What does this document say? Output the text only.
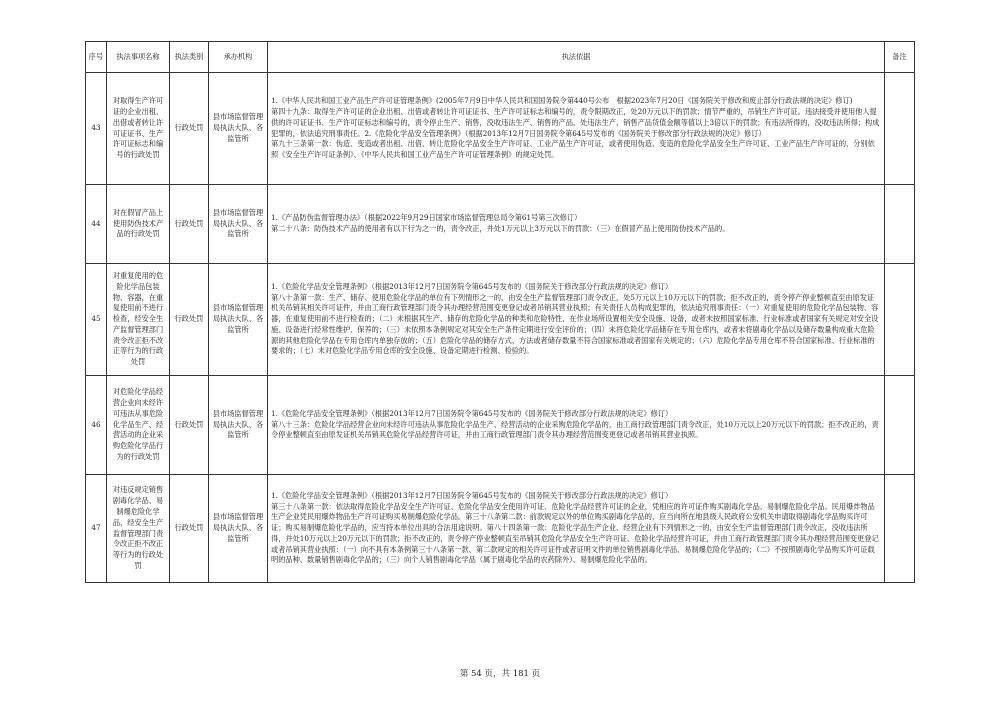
序号	执法事项名称	执法类别	承办机构	执法依据	备注
43	对取得生产许可证的企业出租、出借或者转让许可证证书、生产许可证标志和编号的行政处罚	行政处罚	县市场监督管理局执法大队、各监管所	1.《中华人民共和国工业产品生产许可证管理条例》(2005年7月9日中华人民共和国国务院令第440号公布　根据2023年7月20日《国务院关于修改和废止部分行政法规的决定》修订)

第四十九条：取得生产许可证的企业出租、出借或者转让许可证证书、生产许可证标志和编号的，责令限期改正，处20万元以下的罚款；情节严重的，吊销生产许可证。违法接受并使用他人提供的许可证证书、生产许可证标志和编号的，责令停止生产、销售，没收违法生产、销售的产品，处违法生产、销售产品货值金额等值以上3倍以下的罚款；有违法所得的，没收违法所得；构成犯罪的，依法追究刑事责任。2.《危险化学品安全管理条例》（根据2013年12月7日国务院令第645号发布的《国务院关于修改部分行政法规的决定》修订）

第九十三条第一款：伪造、变造或者出租、出借、转让危险化学品安全生产许可证、工业产品生产许可证，或者使用伪造、变造的危险化学品安全生产许可证、工业产品生产许可证的，分别依照《安全生产许可证条例》、《中华人民共和国工业产品生产许可证管理条例》的规定处罚。	

44	对在假冒产品上使用防伪技术产品的行政处罚	行政处罚	县市场监督管理局执法大队、各监管所	1.《产品防伪监督管理办法》（根据2022年9月29日国家市场监督管理总局令第61号第三次修订）

第二十八条：防伪技术产品的使用者有以下行为之一的，责令改正，并处1万元以上3万元以下的罚款：（三）在假冒产品上使用防伪技术产品的。	

45	对重复使用的危险化学品包装物、容器，在重复使用前不进行检查，经安全生产监督管理部门责令改正拒不改正等行为的行政处罚	行政处罚	县市场监督管理局执法大队、各监管所	1.《危险化学品安全管理条例》（根据2013年12月7日国务院令第645号发布的《国务院关于修改部分行政法规的决定》修订）

第八十条第一款：生产、储存、使用危险化学品的单位有下列情形之一的，由安全生产监督管理部门责令改正，处5万元以上10万元以下的罚款；拒不改正的，责令停产停业整顿直至由原发证机关吊销其相关许可证件，并由工商行政管理部门责令其办理经营范围变更登记或者吊销其营业执照；有关责任人员构成犯罪的，依法追究刑事责任：（一）对重复使用的危险化学品包装物、容器，在重复使用前不进行检查的；（二）未根据其生产、储存的危险化学品的种类和危险特性，在作业场所设置相关安全设施、设备，或者未按照国家标准、行业标准或者国家有关规定对安全设施、设备进行经常性维护、保养的；（三）未依照本条例规定对其安全生产条件定期进行安全评价的；（四）未将危险化学品储存在专用仓库内，或者未将剧毒化学品以及储存数量构成重大危险源的其他危险化学品在专用仓库内单独存放的；（五）危险化学品的储存方式、方法或者储存数量不符合国家标准或者国家有关规定的；（六）危险化学品专用仓库不符合国家标准、行业标准的要求的；（七）未对危险化学品专用仓库的安全设施、设备定期进行检测、检验的。	

46	对危险化学品经营企业向未经许可违法从事危险化学品生产、经营活动的企业采购危险化学品行为的行政处罚	行政处罚	县市场监督管理局执法大队、各监管所	1.《危险化学品安全管理条例》（根据2013年12月7日国务院令第645号发布的《国务院关于修改部分行政法规的决定》修订）

第八十三条：危险化学品经营企业向未经许可违法从事危险化学品生产、经营活动的企业采购危险化学品的，由工商行政管理部门责令改正，处10万元以上20万元以下的罚款；拒不改正的，责令停业整顿直至由原发证机关吊销其危险化学品经营许可证，并由工商行政管理部门责令其办理经营范围变更登记或者吊销其营业执照。	

47	对违反规定销售剧毒化学品、易制爆危险化学品，经安全生产监督管理部门责令改正拒不改正等行为的行政处罚	行政处罚	县市场监督管理局执法大队、各监管所	1.《危险化学品安全管理条例》（根据2013年12月7日国务院令第645号发布的《国务院关于修改部分行政法规的决定》修订）

第三十八条第一款：依法取得危险化学品安全生产许可证、危险化学品安全使用许可证、危险化学品经营许可证的企业，凭相应的许可证件购买剧毒化学品、易制爆危险化学品。民用爆炸物品生产企业凭民用爆炸物品生产许可证购买易制爆危险化学品。第三十八条第二款：前款规定以外的单位购买剧毒化学品的，应当向所在地县级人民政府公安机关申请取得剧毒化学品购买许可证；购买易制爆危险化学品的，应当持本单位出具的合法用途说明。第八十四条第一款：危险化学品生产企业、经营企业有下列情形之一的，由安全生产监督管理部门责令改正，没收违法所得，并处10万元以上20万元以下的罚款；拒不改正的，责令停产停业整顿直至吊销其危险化学品安全生产许可证、危险化学品经营许可证，并由工商行政管理部门责令其办理经营范围变更登记或者吊销其营业执照：（一）向不具有本条例第三十八条第一款、第二款规定的相关许可证件或者证明文件的单位销售剧毒化学品、易制爆危险化学品的；（二）不按照剧毒化学品购买许可证载明的品种、数量销售剧毒化学品的；（三）向个人销售剧毒化学品（属于剧毒化学品的农药除外）、易制爆危险化学品的。	

第 54 页，共 181 页
